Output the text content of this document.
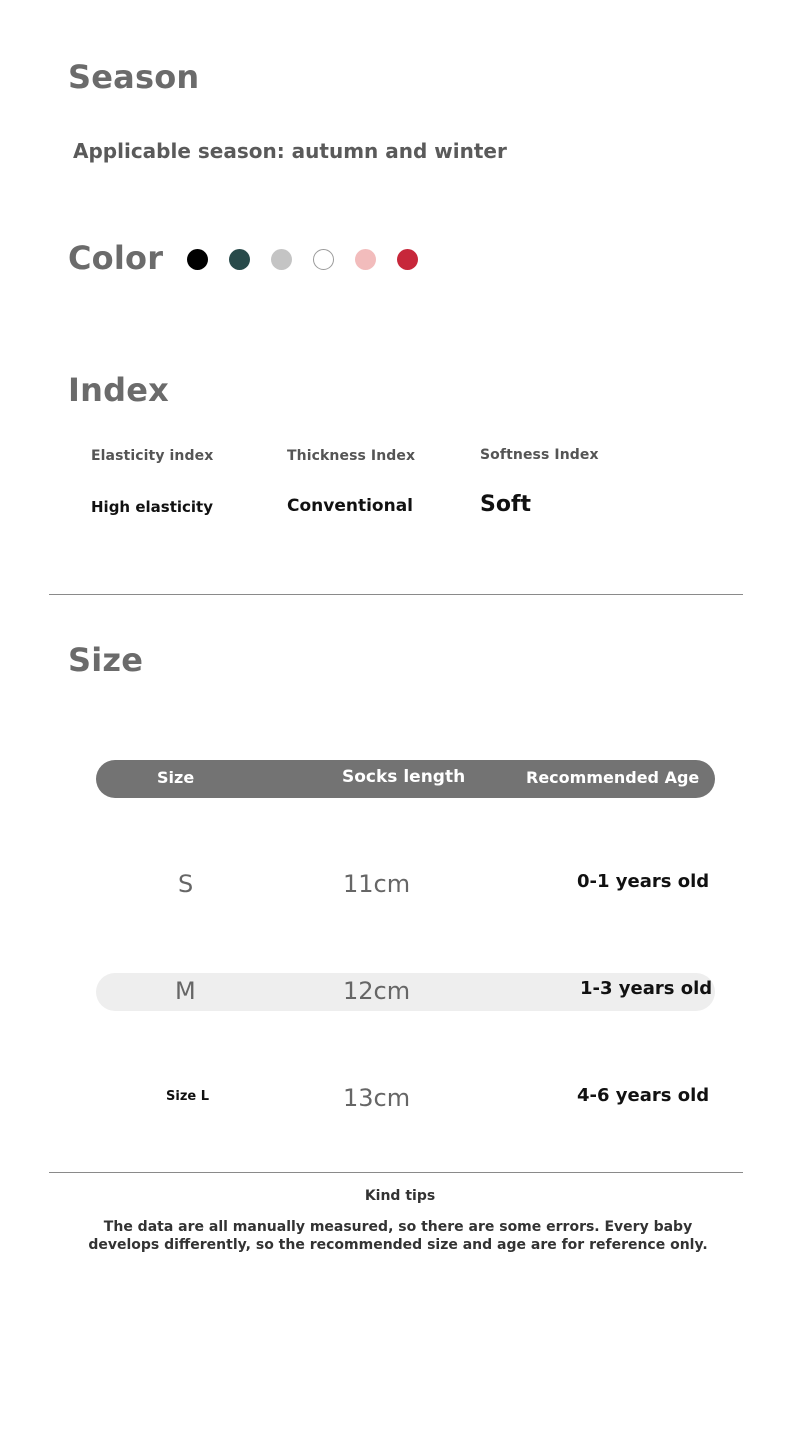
Season
Applicable season: autumn and winter
Color
Index
Elasticity index	Thickness Index	Softness Index
High elasticity	Conventional	Soft
Size
Size	Socks length	Recommended Age
S	11cm	0-1 years old
M	12cm	1-3 years old
Size L	13cm	4-6 years old
Kind tips
The data are all manually measured, so there are some errors. Every baby develops differently, so the recommended size and age are for reference only.
